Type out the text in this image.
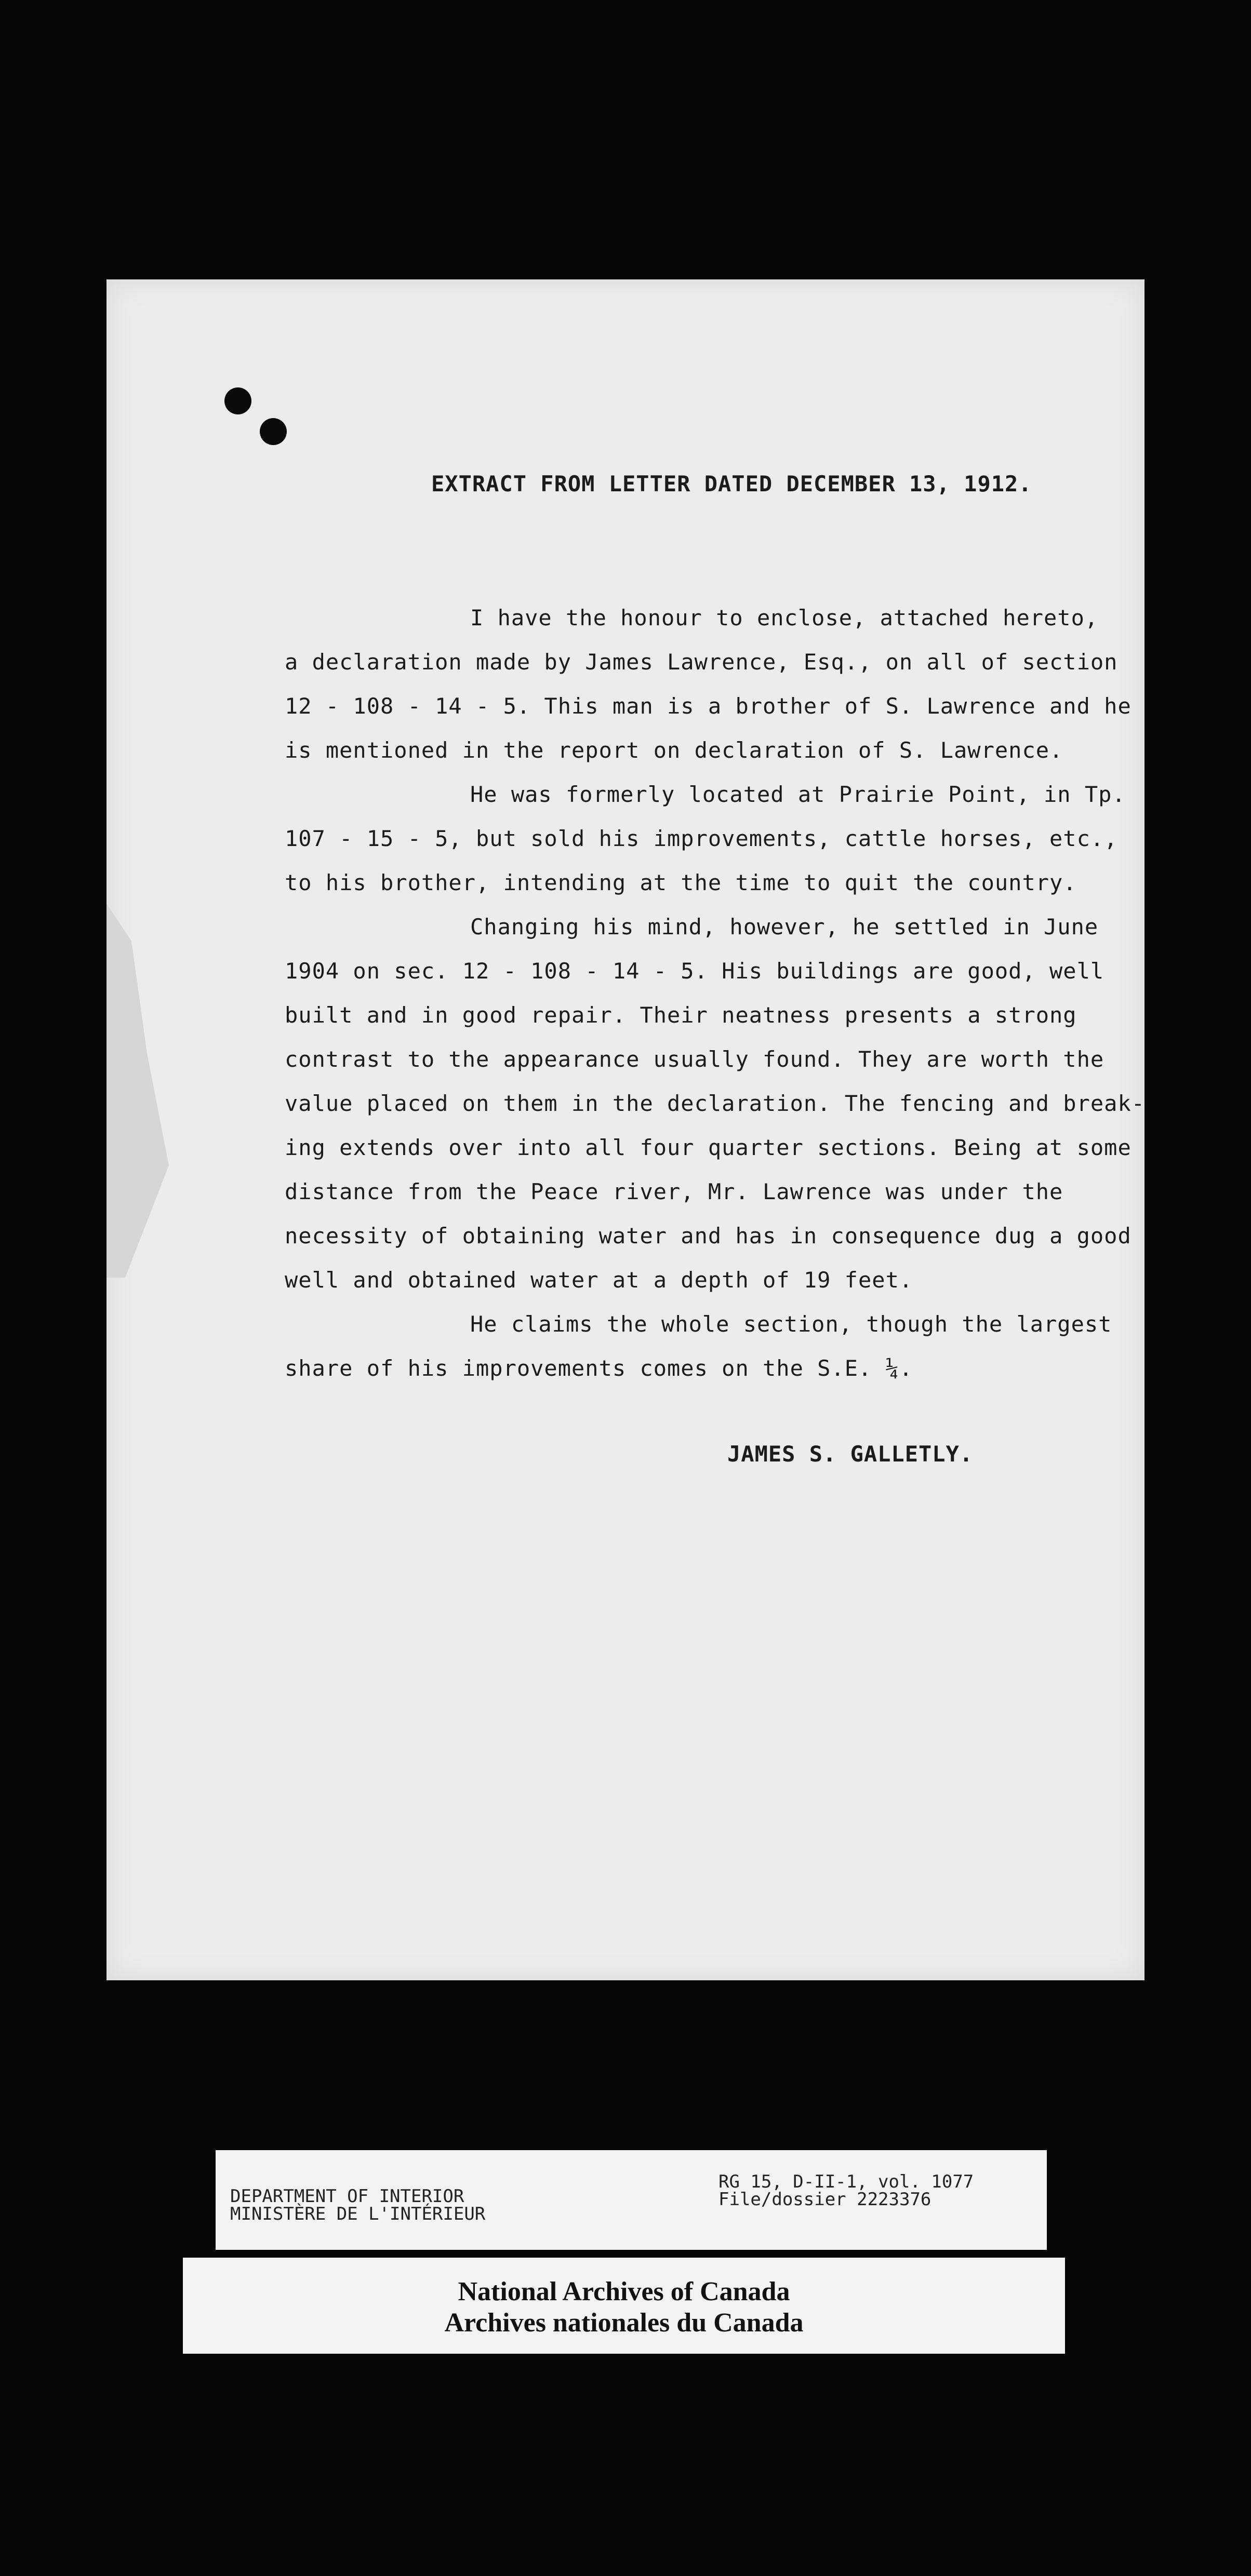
EXTRACT FROM LETTER DATED DECEMBER 13, 1912.
I have the honour to enclose, attached hereto,
a declaration made by James Lawrence, Esq., on all of section
12 - 108 - 14 - 5. This man is a brother of S. Lawrence and he
is mentioned in the report on declaration of S. Lawrence.
He was formerly located at Prairie Point, in Tp.
107 - 15 - 5, but sold his improvements, cattle horses, etc.,
to his brother, intending at the time to quit the country.
Changing his mind, however, he settled in June
1904 on sec. 12 - 108 - 14 - 5. His buildings are good, well
built and in good repair. Their neatness presents a strong
contrast to the appearance usually found. They are worth the
value placed on them in the declaration. The fencing and break-
ing extends over into all four quarter sections. Being at some
distance from the Peace river, Mr. Lawrence was under the
necessity of obtaining water and has in consequence dug a good
well and obtained water at a depth of 19 feet.
He claims the whole section, though the largest
share of his improvements comes on the S.E. ¼.
JAMES S. GALLETLY.
DEPARTMENT OF INTERIOR
MINISTÈRE DE L'INTÉRIEUR
RG 15, D-II-1, vol. 1077
File/dossier 2223376
National Archives of Canada
Archives nationales du Canada
